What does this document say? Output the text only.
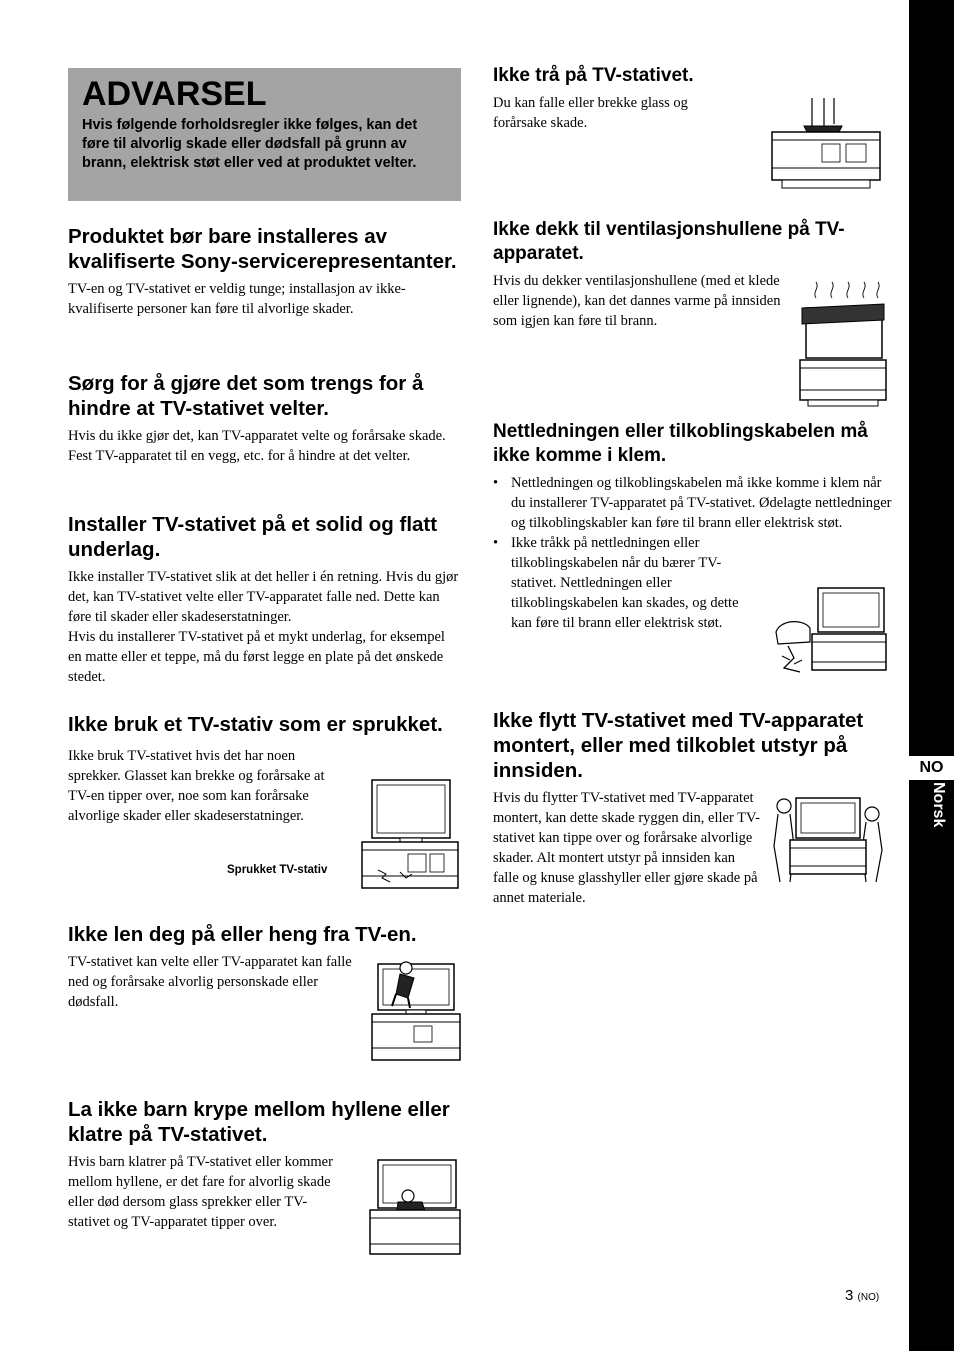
ADVARSEL

Hvis følgende forholdsregler ikke følges, kan det føre til alvorlig skade eller dødsfall på grunn av brann, elektrisk støt eller ved at produktet velter.

Produktet bør bare installeres av kvalifiserte Sony-servicerepresentanter.

TV-en og TV-stativet er veldig tunge; installasjon av ikke-kvalifiserte personer kan føre til alvorlige skader.

Sørg for å gjøre det som trengs for å hindre at TV-stativet velter.

Hvis du ikke gjør det, kan TV-apparatet velte og forårsake skade.

Fest TV-apparatet til en vegg, etc. for å hindre at det velter.

Installer TV-stativet på et solid og flatt underlag.

Ikke installer TV-stativet slik at det heller i én retning. Hvis du gjør det, kan TV-stativet velte eller TV-apparatet falle ned. Dette kan føre til skader eller skadeserstatninger.

Hvis du installerer TV-stativet på et mykt underlag, for eksempel en matte eller et teppe, må du først legge en plate på det ønskede stedet.

Ikke bruk et TV-stativ som er sprukket.

Ikke bruk TV-stativet hvis det har noen sprekker. Glasset kan brekke og forårsake at TV-en tipper over, noe som kan forårsake alvorlige skader eller skadeserstatninger.

Sprukket TV-stativ
Ikke len deg på eller heng fra TV-en.

TV-stativet kan velte eller TV-apparatet kan falle ned og forårsake alvorlig personskade eller dødsfall.

La ikke barn krype mellom hyllene eller klatre på TV-stativet.

Hvis barn klatrer på TV-stativet eller kommer mellom hyllene, er det fare for alvorlig skade eller død dersom glass sprekker eller TV-stativet og TV-apparatet tipper over.

Ikke trå på TV-stativet.

Du kan falle eller brekke glass og forårsake skade.

Ikke dekk til ventilasjonshullene på TV-apparatet.

Hvis du dekker ventilasjonshullene (med et klede eller lignende), kan det dannes varme på innsiden som igjen kan føre til brann.

Nettledningen eller tilkoblingskabelen må ikke komme i klem.
• Nettledningen og tilkoblingskabelen må ikke komme i klem når du installerer TV-apparatet på TV-stativet. Ødelagte nettledninger og tilkoblingskabler kan føre til brann eller elektrisk støt.
• Ikke tråkk på nettledningen eller tilkoblingskabelen når du bærer TV-stativet. Nettledningen eller tilkoblingskabelen kan skades, og dette kan føre til brann eller elektrisk støt.
Ikke flytt TV-stativet med TV-apparatet montert, eller med tilkoblet utstyr på innsiden.

Hvis du flytter TV-stativet med TV-apparatet montert, kan dette skade ryggen din, eller TV-stativet kan tippe over og forårsake alvorlige skader. Alt montert utstyr på innsiden kan falle og knuse glasshyller eller gjøre skade på annet materiale.

NO
Norsk
3 (NO)
